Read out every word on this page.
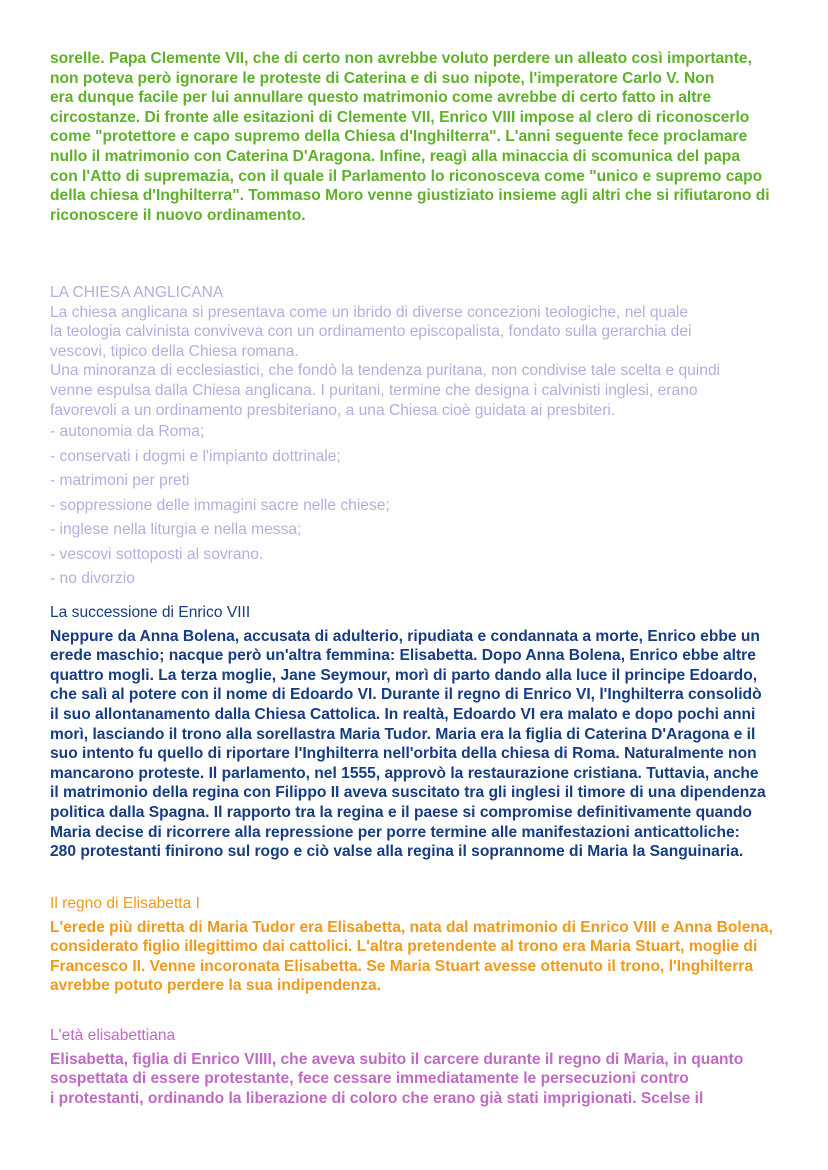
sorelle. Papa Clemente VII, che di certo non avrebbe voluto perdere un alleato così importante,
non poteva però ignorare le proteste di Caterina e di suo nipote, l'imperatore Carlo V. Non
era dunque facile per lui annullare questo matrimonio come avrebbe di certo fatto in altre
circostanze. Di fronte alle esitazioni di Clemente VII, Enrico VIII impose al clero di riconoscerlo
come "protettore e capo supremo della Chiesa d'Inghilterra". L'anni seguente fece proclamare
nullo il matrimonio con Caterina D'Aragona. Infine, reagì alla minaccia di scomunica del papa
con l'Atto di supremazia, con il quale il Parlamento lo riconosceva come "unico e supremo capo
della chiesa d'Inghilterra". Tommaso Moro venne giustiziato insieme agli altri che si rifiutarono di
riconoscere il nuovo ordinamento.
LA CHIESA ANGLICANA
La chiesa anglicana si presentava come un ibrido di diverse concezioni teologiche, nel quale
la teologia calvinista conviveva con un ordinamento episcopalista, fondato sulla gerarchia dei
vescovi, tipico della Chiesa romana.
Una minoranza di ecclesiastici, che fondò la tendenza puritana, non condivise tale scelta e quindi
venne espulsa dalla Chiesa anglicana. I puritani, termine che designa i calvinisti inglesi, erano
favorevoli a un ordinamento presbiteriano, a una Chiesa cioè guidata ai presbiteri.
- autonomia da Roma;
- conservati i dogmi e l'impianto dottrinale;
- matrimoni per preti
- soppressione delle immagini sacre nelle chiese;
- inglese nella liturgia e nella messa;
- vescovi sottoposti al sovrano.
- no divorzio
La successione di Enrico VIII
Neppure da Anna Bolena, accusata di adulterio, ripudiata e condannata a morte, Enrico ebbe un
erede maschio; nacque però un'altra femmina: Elisabetta. Dopo Anna Bolena, Enrico ebbe altre
quattro mogli. La terza moglie, Jane Seymour, morì di parto dando alla luce il principe Edoardo,
che salì al potere con il nome di Edoardo VI. Durante il regno di Enrico VI, l'Inghilterra consolidò
il suo allontanamento dalla Chiesa Cattolica. In realtà, Edoardo VI era malato e dopo pochi anni
morì, lasciando il trono alla sorellastra Maria Tudor. Maria era la figlia di Caterina D'Aragona e il
suo intento fu quello di riportare l'Inghilterra nell'orbita della chiesa di Roma. Naturalmente non
mancarono proteste. Il parlamento, nel 1555, approvò la restaurazione cristiana. Tuttavia, anche
il matrimonio della regina con Filippo II aveva suscitato tra gli inglesi il timore di una dipendenza
politica dalla Spagna. Il rapporto tra la regina e il paese si compromise definitivamente quando
Maria decise di ricorrere alla repressione per porre termine alle manifestazioni anticattoliche:
280 protestanti finirono sul rogo e ciò valse alla regina il soprannome di Maria la Sanguinaria.
Il regno di Elisabetta I
L'erede più diretta di Maria Tudor era Elisabetta, nata dal matrimonio di Enrico VIII e Anna Bolena,
considerato figlio illegittimo dai cattolici. L'altra pretendente al trono era Maria Stuart, moglie di
Francesco II. Venne incoronata Elisabetta. Se Maria Stuart avesse ottenuto il trono, l'Inghilterra
avrebbe potuto perdere la sua indipendenza.
L'età elisabettiana
Elisabetta, figlia di Enrico VIIII, che aveva subito il carcere durante il regno di Maria, in quanto
sospettata di essere protestante, fece cessare immediatamente le persecuzioni contro
i protestanti, ordinando la liberazione di coloro che erano già stati imprigionati. Scelse il
